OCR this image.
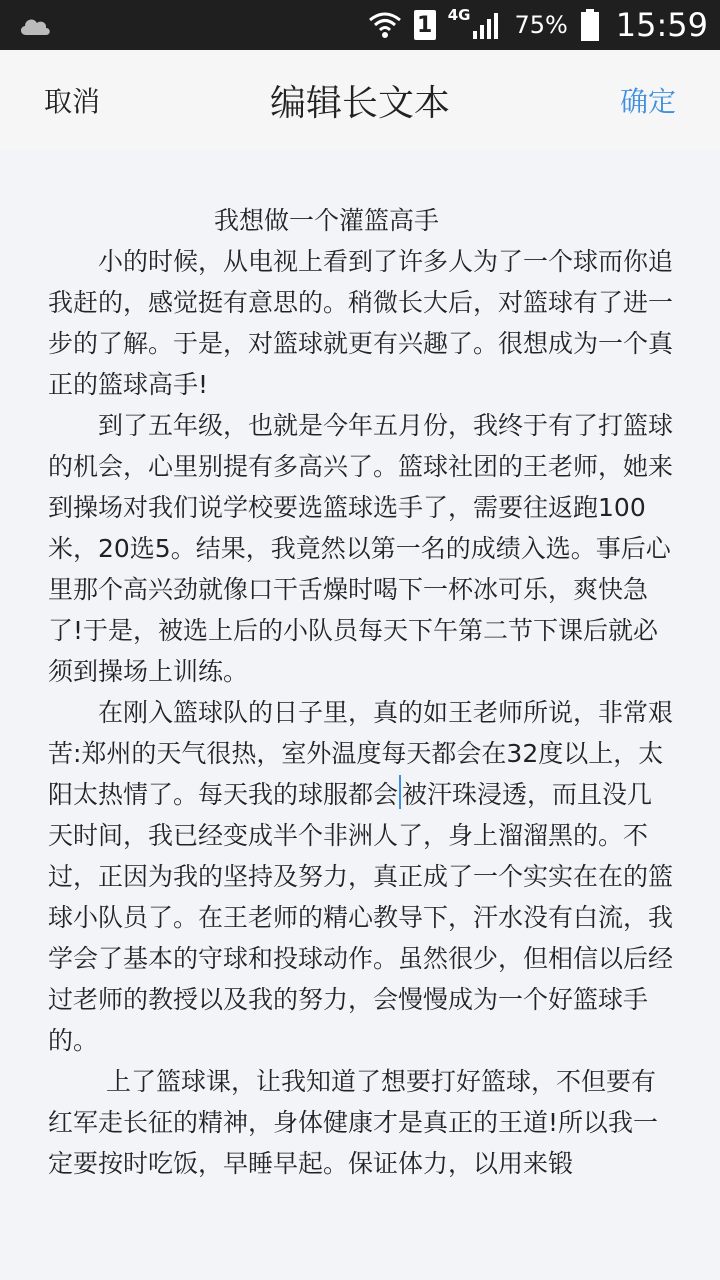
1 4G 75% 15:59
取消	编辑长文本	确定
我想做一个灌篮高手
小的时候，从电视上看到了许多人为了一个球而你追我赶的，感觉挺有意思的。稍微长大后，对篮球有了进一步的了解。于是，对篮球就更有兴趣了。很想成为一个真正的篮球高手!
到了五年级，也就是今年五月份，我终于有了打篮球的机会，心里别提有多高兴了。篮球社团的王老师，她来到操场对我们说学校要选篮球选手了，需要往返跑100米，20选5。结果，我竟然以第一名的成绩入选。事后心里那个高兴劲就像口干舌燥时喝下一杯冰可乐，爽快急了!于是，被选上后的小队员每天下午第二节下课后就必须到操场上训练。
在刚入篮球队的日子里，真的如王老师所说，非常艰苦:郑州的天气很热，室外温度每天都会在32度以上，太阳太热情了。每天我的球服都会 被汗珠浸透，而且没几天时间，我已经变成半个非洲人了，身上溜溜黑的。不过，正因为我的坚持及努力，真正成了一个实实在在的篮球小队员了。在王老师的精心教导下，汗水没有白流，我学会了基本的守球和投球动作。虽然很少，但相信以后经过老师的教授以及我的努力，会慢慢成为一个好篮球手的。
上了篮球课，让我知道了想要打好篮球，不但要有红军走长征的精神，身体健康才是真正的王道!所以我一定要按时吃饭，早睡早起。保证体力，以用来锻
